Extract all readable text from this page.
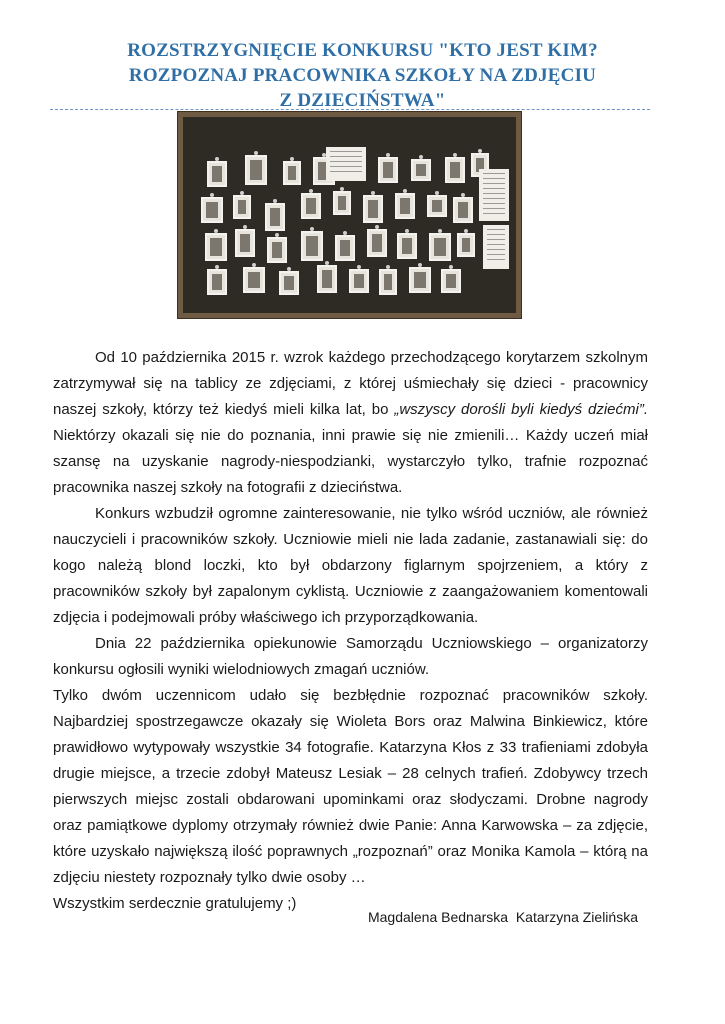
ROZSTRZYGNIĘCIE KONKURSU "KTO JEST KIM?
ROZPOZNAJ PRACOWNIKA SZKOŁY NA ZDJĘCIU
Z DZIECIŃSTWA"

Od 10 października 2015 r. wzrok każdego przechodzącego korytarzem szkolnym zatrzymywał się na tablicy ze zdjęciami, z której uśmiechały się dzieci - pracownicy naszej szkoły, którzy też kiedyś mieli kilka lat, bo „wszyscy dorośli byli kiedyś dziećmi”. Niektórzy okazali się nie do poznania, inni prawie się nie zmienili… Każdy uczeń miał szansę na uzyskanie nagrody-niespodzianki, wystarczyło tylko, trafnie rozpoznać pracownika naszej szkoły na fotografii z dzieciństwa.

Konkurs wzbudził ogromne zainteresowanie, nie tylko wśród uczniów, ale również nauczycieli i pracowników szkoły. Uczniowie mieli nie lada zadanie, zastanawiali się: do kogo należą blond loczki, kto był obdarzony figlarnym spojrzeniem, a który z pracowników szkoły był zapalonym cyklistą. Uczniowie z zaangażowaniem komentowali zdjęcia i podejmowali próby właściwego ich przyporządkowania.

Dnia 22 października opiekunowie Samorządu Uczniowskiego – organizatorzy konkursu ogłosili wyniki wielodniowych zmagań uczniów.

Tylko dwóm uczennicom udało się bezbłędnie rozpoznać pracowników szkoły. Najbardziej spostrzegawcze okazały się Wioleta Bors oraz Malwina Binkiewicz, które prawidłowo wytypowały wszystkie 34 fotografie. Katarzyna Kłos z 33 trafieniami zdobyła drugie miejsce, a trzecie zdobył Mateusz Lesiak – 28 celnych trafień. Zdobywcy trzech pierwszych miejsc zostali obdarowani upominkami oraz słodyczami. Drobne nagrody oraz pamiątkowe dyplomy otrzymały również dwie Panie: Anna Karwowska – za zdjęcie, które uzyskało największą ilość poprawnych „rozpoznań” oraz Monika Kamola – którą na zdjęciu niestety rozpoznały tylko dwie osoby …

Wszystkim serdecznie gratulujemy ;)

Magdalena Bednarska  Katarzyna Zielińska
